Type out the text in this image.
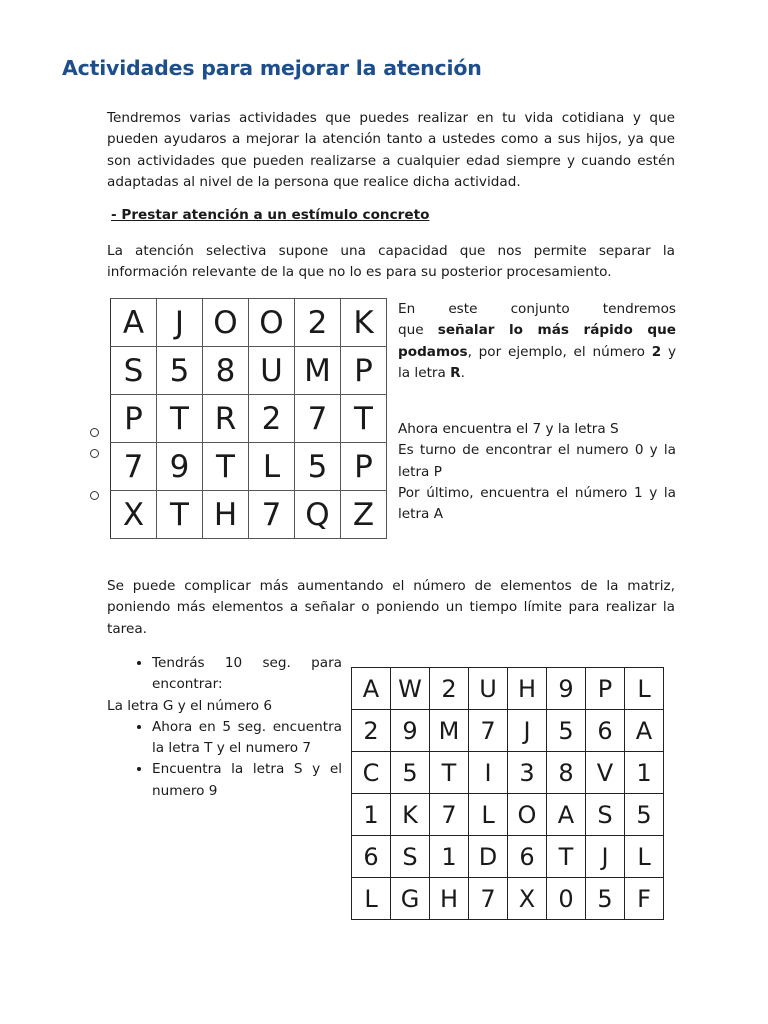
Actividades para mejorar la atención

Tendremos varias actividades que puedes realizar en tu vida cotidiana y que pueden ayudaros a mejorar la atención tanto a ustedes como a sus hijos, ya que son actividades que pueden realizarse a cualquier edad siempre y cuando estén adaptadas al nivel de la persona que realice dicha actividad.

- Prestar atención a un estímulo concreto

La atención selectiva supone una capacidad que nos permite separar la información relevante de la que no lo es para su posterior procesamiento.

A	J	O	O	2	K
S	5	8	U	M	P
P	T	R	2	7	T
7	9	T	L	5	P
X	T	H	7	Q	Z
En este conjunto tendremos
que señalar lo más rápido que
podamos, por ejemplo, el número 2 y
la letra R.
Ahora encuentra el 7 y la letra S
Es turno de encontrar el numero 0 y la
letra P
Por último, encuentra el número 1 y la
letra A

Se puede complicar más aumentando el número de elementos de la matriz, poniendo más elementos a señalar o poniendo un tiempo límite para realizar la tarea.

• Tendrás 10 seg. para encontrar:

La letra G y el número 6

• Ahora en 5 seg. encuentra la letra T y el numero 7
• Encuentra la letra S y el numero 9
A	W	2	U	H	9	P	L
2	9	M	7	J	5	6	A
C	5	T	I	3	8	V	1
1	K	7	L	O	A	S	5
6	S	1	D	6	T	J	L
L	G	H	7	X	0	5	F
